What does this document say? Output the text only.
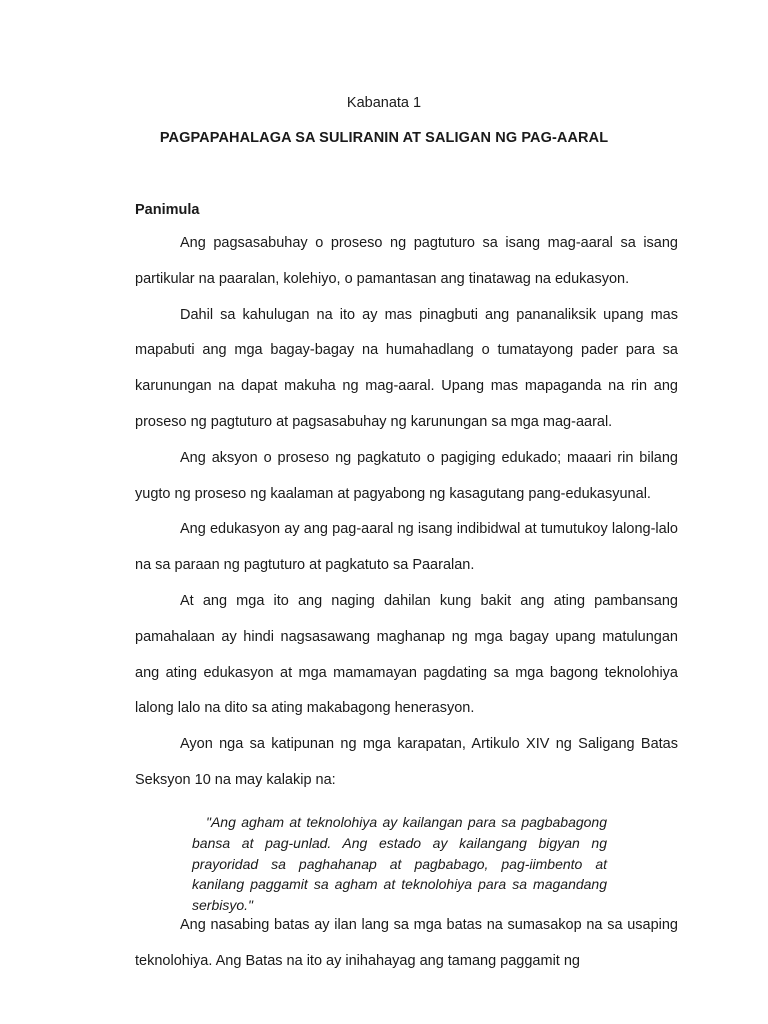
Kabanata 1
PAGPAPAHALAGA SA SULIRANIN AT SALIGAN NG PAG-AARAL
Panimula

Ang pagsasabuhay o proseso ng pagtuturo sa isang mag-aaral sa isang partikular na paaralan, kolehiyo, o pamantasan ang tinatawag na edukasyon.

Dahil sa kahulugan na ito ay mas pinagbuti ang pananaliksik upang mas mapabuti ang mga bagay-bagay na humahadlang o tumatayong pader para sa karunungan na dapat makuha ng mag-aaral. Upang mas mapaganda na rin ang proseso ng pagtuturo at pagsasabuhay ng karunungan sa mga mag-aaral.

Ang aksyon o proseso ng pagkatuto o pagiging edukado; maaari rin bilang yugto ng proseso ng kaalaman at pagyabong ng kasagutang pang-edukasyunal.

Ang edukasyon ay ang pag-aaral ng isang indibidwal at tumutukoy lalong-lalo na sa paraan ng pagtuturo at pagkatuto sa Paaralan.

At ang mga ito ang naging dahilan kung bakit ang ating pambansang pamahalaan ay hindi nagsasawang maghanap ng mga bagay upang matulungan ang ating edukasyon at mga mamamayan pagdating sa mga bagong teknolohiya lalong lalo na dito sa ating makabagong henerasyon.

Ayon nga sa katipunan ng mga karapatan, Artikulo XIV ng Saligang Batas Seksyon 10 na may kalakip na:

"Ang agham at teknolohiya ay kailangan para sa pagbabagong bansa at pag-unlad. Ang estado ay kailangang bigyan ng prayoridad sa paghahanap at pagbabago, pag-iimbento at kanilang paggamit sa agham at teknolohiya para sa magandang serbisyo."

Ang nasabing batas ay ilan lang sa mga batas na sumasakop na sa usaping teknolohiya. Ang Batas na ito ay inihahayag ang tamang paggamit ng
